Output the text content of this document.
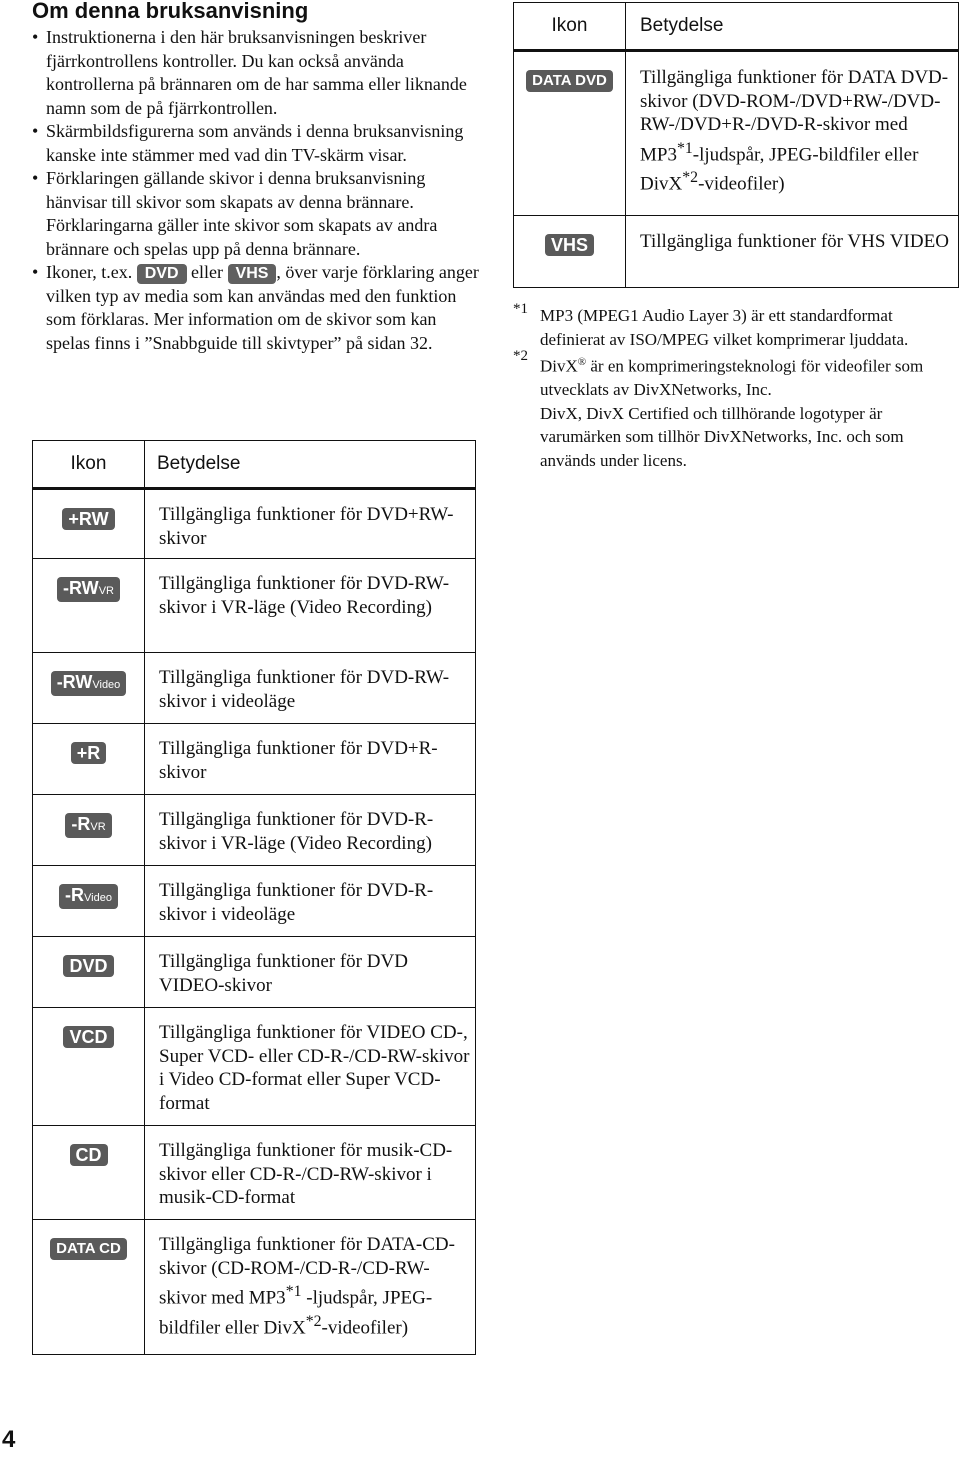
Om denna bruksanvisning
• Instruktionerna i den här bruksanvisningen beskriver fjärrkontrollens kontroller. Du kan också använda kontrollerna på brännaren om de har samma eller liknande namn som de på fjärrkontrollen.
• Skärmbildsfigurerna som används i denna bruksanvisning kanske inte stämmer med vad din TV-skärm visar.
• Förklaringen gällande skivor i denna bruksanvisning hänvisar till skivor som skapats av denna brännare. Förklaringarna gäller inte skivor som skapats av andra brännare och spelas upp på denna brännare.
• Ikoner, t.ex. DVD eller VHS , över varje förklaring anger vilken typ av media som kan användas med den funktion som förklaras. Mer information om de skivor som kan spelas finns i ”Snabbguide till skivtyper” på sidan 32.
Ikon	Betydelse
+RW	Tillgängliga funktioner för DVD+RW-skivor
-RWVR	Tillgängliga funktioner för DVD-RW-skivor i VR-läge (Video Recording)
-RWVideo	Tillgängliga funktioner för DVD-RW-skivor i videoläge
+R	Tillgängliga funktioner för DVD+R-skivor
-RVR	Tillgängliga funktioner för DVD-R-skivor i VR-läge (Video Recording)
-RVideo	Tillgängliga funktioner för DVD-R-skivor i videoläge
DVD	Tillgängliga funktioner för DVD VIDEO-skivor
VCD	Tillgängliga funktioner för VIDEO CD-, Super VCD- eller CD-R-/CD-RW-skivor i Video CD-format eller Super VCD-format
CD	Tillgängliga funktioner för musik-CD-skivor eller CD-R-/CD-RW-skivor i musik-CD-format
DATA CD	Tillgängliga funktioner för DATA-CD-skivor (CD-ROM-/CD-R-/CD-RW-skivor med MP3$^{*1}$ -ljudspår, JPEG-bildfiler eller DivX$^{*2}$-videofiler)
Ikon	Betydelse
DATA DVD	Tillgängliga funktioner för DATA DVD-skivor (DVD-ROM-/DVD+RW-/DVD-RW-/DVD+R-/DVD-R-skivor med MP3$^{*1}$-ljudspår, JPEG-bildfiler eller DivX$^{*2}$-videofiler)
VHS	Tillgängliga funktioner för VHS VIDEO
*1 MP3 (MPEG1 Audio Layer 3) är ett standardformat definierat av ISO/MPEG vilket komprimerar ljuddata.
*2
DivX® är en komprimeringsteknologi för videofiler som utvecklats av DivXNetworks, Inc.
DivX, DivX Certified och tillhörande logotyper är varumärken som tillhör DivXNetworks, Inc. och som används under licens.
4
